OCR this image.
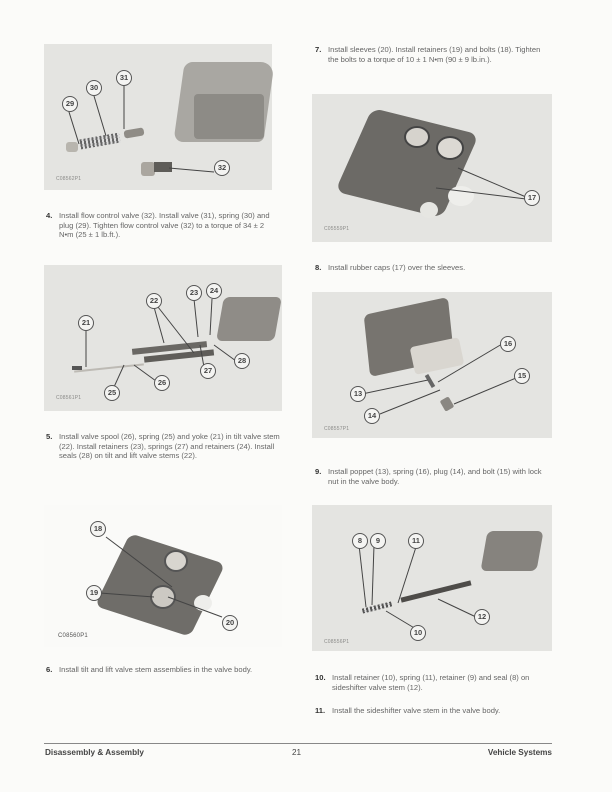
29
30
31
32
C08562P1
4. Install flow control valve (32). Install valve (31), spring (30) and plug (29). Tighten flow control valve (32) to a torque of 34 ± 2 N•m (25 ± 1 lb.ft.).
21
22
23	24
25
26
27
28
C08561P1
5. Install valve spool (26), spring (25) and yoke (21) in tilt valve stem (22). Install retainers (23), springs (27) and retainers (24). Install seals (28) on tilt and lift valve stems (22).
18
19
20
C08560P1
6. Install tilt and lift valve stem assemblies in the valve body.
7. Install sleeves (20). Install retainers (19) and bolts (18). Tighten the bolts to a torque of 10 ± 1 N•m (90 ± 9 lb.in.).
17
C05559P1
8. Install rubber caps (17) over the sleeves.
13
14
15
16
C08557P1
9. Install poppet (13), spring (16), plug (14), and bolt (15) with lock nut in the valve body.
8	9	11
10
12
C08556P1
10. Install retainer (10), spring (11), retainer (9) and seal (8) on sideshifter valve stem (12).
11. Install the sideshifter valve stem in the valve body.
Disassembly & Assembly	21	Vehicle Systems
